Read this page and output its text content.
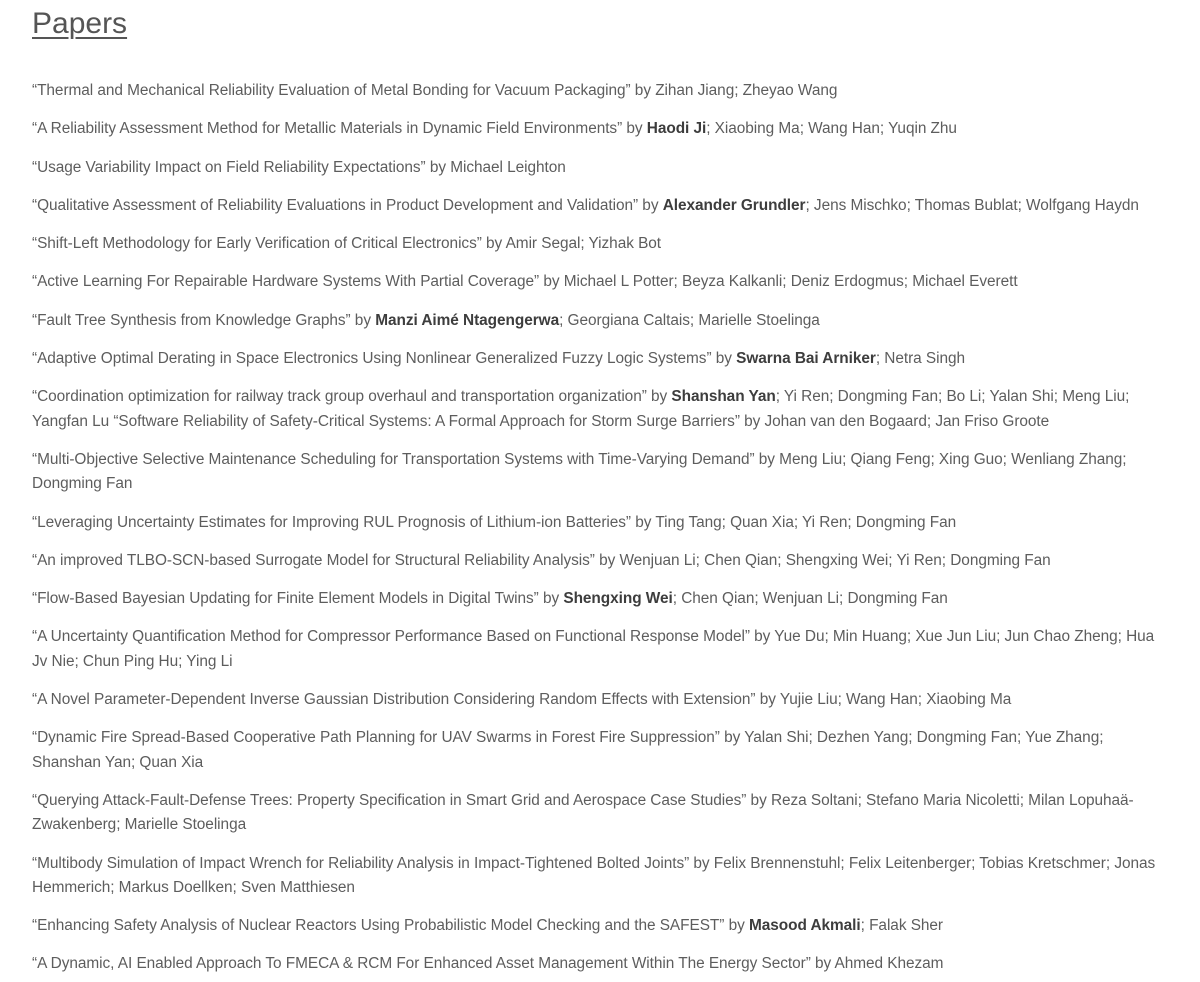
Papers
“Thermal and Mechanical Reliability Evaluation of Metal Bonding for Vacuum Packaging” by Zihan Jiang; Zheyao Wang
“A Reliability Assessment Method for Metallic Materials in Dynamic Field Environments” by Haodi Ji; Xiaobing Ma; Wang Han; Yuqin Zhu
“Usage Variability Impact on Field Reliability Expectations” by Michael Leighton
“Qualitative Assessment of Reliability Evaluations in Product Development and Validation” by Alexander Grundler; Jens Mischko; Thomas Bublat; Wolfgang Haydn
“Shift-Left Methodology for Early Verification of Critical Electronics” by Amir Segal; Yizhak Bot
“Active Learning For Repairable Hardware Systems With Partial Coverage” by Michael L Potter; Beyza Kalkanli; Deniz Erdogmus; Michael Everett
“Fault Tree Synthesis from Knowledge Graphs” by Manzi Aimé Ntagengerwa; Georgiana Caltais; Marielle Stoelinga
“Adaptive Optimal Derating in Space Electronics Using Nonlinear Generalized Fuzzy Logic Systems” by Swarna Bai Arniker; Netra Singh
“Coordination optimization for railway track group overhaul and transportation organization” by Shanshan Yan; Yi Ren; Dongming Fan; Bo Li; Yalan Shi; Meng Liu; Yangfan Lu “Software Reliability of Safety-Critical Systems: A Formal Approach for Storm Surge Barriers” by Johan van den Bogaard; Jan Friso Groote
“Multi-Objective Selective Maintenance Scheduling for Transportation Systems with Time-Varying Demand” by Meng Liu; Qiang Feng; Xing Guo; Wenliang Zhang; Dongming Fan
“Leveraging Uncertainty Estimates for Improving RUL Prognosis of Lithium-ion Batteries” by Ting Tang; Quan Xia; Yi Ren; Dongming Fan
“An improved TLBO-SCN-based Surrogate Model for Structural Reliability Analysis” by Wenjuan Li; Chen Qian; Shengxing Wei; Yi Ren; Dongming Fan
“Flow-Based Bayesian Updating for Finite Element Models in Digital Twins” by Shengxing Wei; Chen Qian; Wenjuan Li; Dongming Fan
“A Uncertainty Quantification Method for Compressor Performance Based on Functional Response Model” by Yue Du; Min Huang; Xue Jun Liu; Jun Chao Zheng; Hua Jv Nie; Chun Ping Hu; Ying Li
“A Novel Parameter-Dependent Inverse Gaussian Distribution Considering Random Effects with Extension” by Yujie Liu; Wang Han; Xiaobing Ma
“Dynamic Fire Spread-Based Cooperative Path Planning for UAV Swarms in Forest Fire Suppression” by Yalan Shi; Dezhen Yang; Dongming Fan; Yue Zhang; Shanshan Yan; Quan Xia
“Querying Attack-Fault-Defense Trees: Property Specification in Smart Grid and Aerospace Case Studies” by Reza Soltani; Stefano Maria Nicoletti; Milan Lopuhaä-Zwakenberg; Marielle Stoelinga
“Multibody Simulation of Impact Wrench for Reliability Analysis in Impact-Tightened Bolted Joints” by Felix Brennenstuhl; Felix Leitenberger; Tobias Kretschmer; Jonas Hemmerich; Markus Doellken; Sven Matthiesen
“Enhancing Safety Analysis of Nuclear Reactors Using Probabilistic Model Checking and the SAFEST” by Masood Akmali; Falak Sher
“A Dynamic, AI Enabled Approach To FMECA & RCM For Enhanced Asset Management Within The Energy Sector” by Ahmed Khezam
